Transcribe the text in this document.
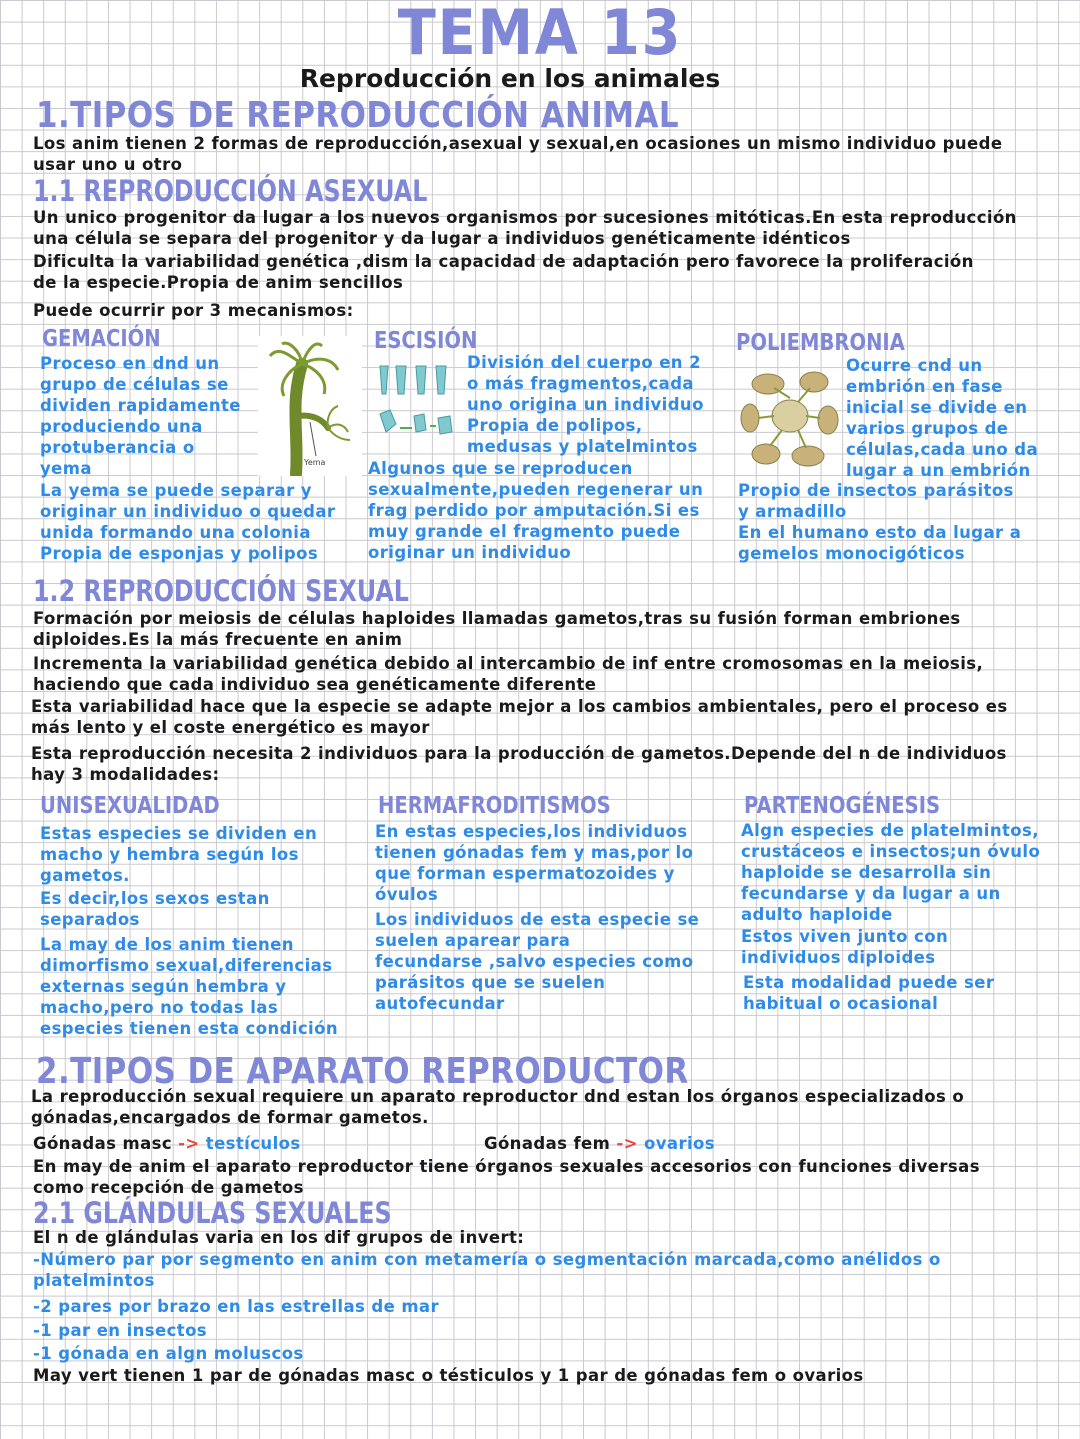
TEMA 13
Reproducción en los animales
1.TIPOS DE REPRODUCCIÓN ANIMAL
Los anim tienen 2 formas de reproducción,asexual y sexual,en ocasiones un mismo individuo puede
usar uno u otro
1.1 REPRODUCCIÓN ASEXUAL
Un unico progenitor da lugar a los nuevos organismos por sucesiones mitóticas.En esta reproducción
una célula se separa del progenitor y da lugar a individuos genéticamente idénticos
Dificulta la variabilidad genética ,dism la capacidad de adaptación pero favorece la proliferación
de la especie.Propia de anim sencillos
Puede ocurrir por 3 mecanismos:
GEMACIÓN
Proceso en dnd un
grupo de células se
dividen rapidamente
produciendo una
protuberancia o
yema	Yema
La yema se puede separar y
originar un individuo o quedar
unida formando una colonia
Propia de esponjas y polipos
ESCISIÓN
División del cuerpo en 2
o más fragmentos,cada
uno origina un individuo
Propia de polipos,
medusas y platelmintos
Algunos que se reproducen
sexualmente,pueden regenerar un
frag perdido por amputación.Si es
muy grande el fragmento puede
originar un individuo
POLIEMBRONIA
Ocurre cnd un
embrión en fase
inicial se divide en
varios grupos de
células,cada uno da
lugar a un embrión
Propio de insectos parásitos
y armadillo
En el humano esto da lugar a
gemelos monocigóticos
1.2 REPRODUCCIÓN SEXUAL
Formación por meiosis de células haploides llamadas gametos,tras su fusión forman embriones
diploides.Es la más frecuente en anim
Incrementa la variabilidad genética debido al intercambio de inf entre cromosomas en la meiosis,
haciendo que cada individuo sea genéticamente diferente
Esta variabilidad hace que la especie se adapte mejor a los cambios ambientales, pero el proceso es
más lento y el coste energético es mayor
Esta reproducción necesita 2 individuos para la producción de gametos.Depende del n de individuos
hay 3 modalidades:
UNISEXUALIDAD
Estas especies se dividen en
macho y hembra según los
gametos.
Es decir,los sexos estan
separados
La may de los anim tienen
dimorfismo sexual,diferencias
externas según hembra y
macho,pero no todas las
especies tienen esta condición
HERMAFRODITISMOS
En estas especies,los individuos
tienen gónadas fem y mas,por lo
que forman espermatozoides y
óvulos
Los individuos de esta especie se
suelen aparear para
fecundarse ,salvo especies como
parásitos que se suelen
autofecundar
PARTENOGÉNESIS
Algn especies de platelmintos,
crustáceos e insectos;un óvulo
haploide se desarrolla sin
fecundarse y da lugar a un
adulto haploide
Estos viven junto con
individuos diploides
Esta modalidad puede ser
habitual o ocasional
2.TIPOS DE APARATO REPRODUCTOR
La reproducción sexual requiere un aparato reproductor dnd estan los órganos especializados o
gónadas,encargados de formar gametos.
Gónadas masc -> testículos	Gónadas fem -> ovarios
En may de anim el aparato reproductor tiene órganos sexuales accesorios con funciones diversas
como recepción de gametos
2.1 GLÁNDULAS SEXUALES
El n de glándulas varia en los dif grupos de invert:
-Número par por segmento en anim con metamería o segmentación marcada,como anélidos o
platelmintos
-2 pares por brazo en las estrellas de mar
-1 par en insectos
-1 gónada en algn moluscos
May vert tienen 1 par de gónadas masc o tésticulos y 1 par de gónadas fem o ovarios
